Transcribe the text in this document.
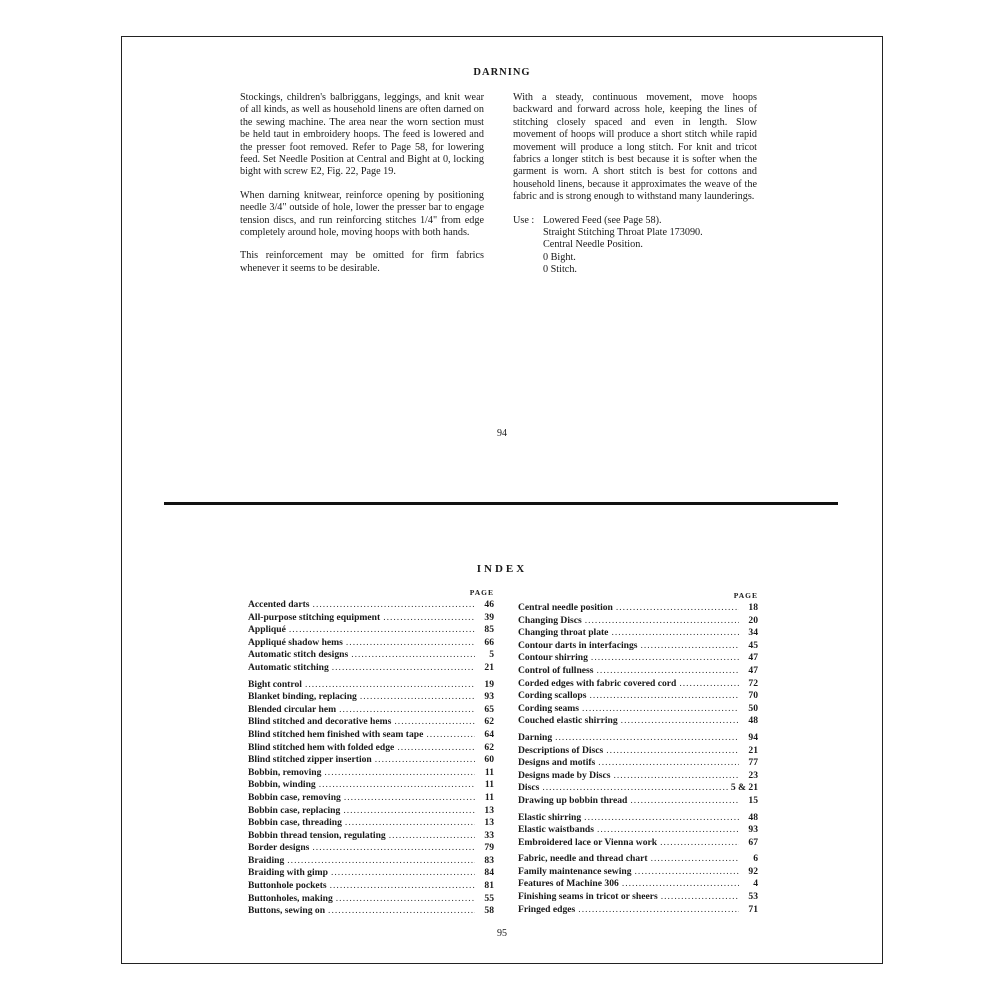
DARNING

Stockings, children's balbriggans, leggings, and knit wear of all kinds, as well as household linens are often darned on the sewing machine. The area near the worn section must be held taut in embroidery hoops. The feed is lowered and the presser foot removed. Refer to Page 58, for lowering feed. Set Needle Position at Central and Bight at 0, locking bight with screw E2, Fig. 22, Page 19.

When darning knitwear, reinforce opening by positioning needle 3/4" outside of hole, lower the presser bar to engage tension discs, and run reinforcing stitches 1/4" from edge completely around hole, moving hoops with both hands.

This reinforcement may be omitted for firm fabrics whenever it seems to be desirable.

With a steady, continuous movement, move hoops backward and forward across hole, keeping the lines of stitching closely spaced and even in length. Slow movement of hoops will produce a short stitch while rapid movement will produce a long stitch. For knit and tricot fabrics a longer stitch is best because it is softer when the garment is worn. A short stitch is best for cottons and household linens, because it approximates the weave of the fabric and is strong enough to withstand many launderings.

Use : Lowered Feed (see Page 58).
Straight Stitching Throat Plate 173090.
Central Needle Position.
0 Bight.
0 Stitch.
94
INDEX
PAGE
Accented darts .....	46
All-purpose stitching equipment .....	39
Appliqué .....	85
Appliqué shadow hems .....	66
Automatic stitch designs .....	5
Automatic stitching .....	21
Bight control .....	19
Blanket binding, replacing .....	93
Blended circular hem .....	65
Blind stitched and decorative hems .....	62
Blind stitched hem finished with seam tape .....	64
Blind stitched hem with folded edge .....	62
Blind stitched zipper insertion .....	60
Bobbin, removing .....	11
Bobbin, winding .....	11
Bobbin case, removing .....	11
Bobbin case, replacing .....	13
Bobbin case, threading .....	13
Bobbin thread tension, regulating .....	33
Border designs .....	79
Braiding .....	83
Braiding with gimp .....	84
Buttonhole pockets .....	81
Buttonholes, making .....	55
Buttons, sewing on .....	58
PAGE
Central needle position .....	18
Changing Discs .....	20
Changing throat plate .....	34
Contour darts in interfacings .....	45
Contour shirring .....	47
Control of fullness .....	47
Corded edges with fabric covered cord .....	72
Cording scallops .....	70
Cording seams .....	50
Couched elastic shirring .....	48
Darning .....	94
Descriptions of Discs .....	21
Designs and motifs .....	77
Designs made by Discs .....	23
Discs .....	5 & 21
Drawing up bobbin thread .....	15
Elastic shirring .....	48
Elastic waistbands .....	93
Embroidered lace or Vienna work .....	67
Fabric, needle and thread chart .....	6
Family maintenance sewing .....	92
Features of Machine 306 .....	4
Finishing seams in tricot or sheers .....	53
Fringed edges .....	71
95
